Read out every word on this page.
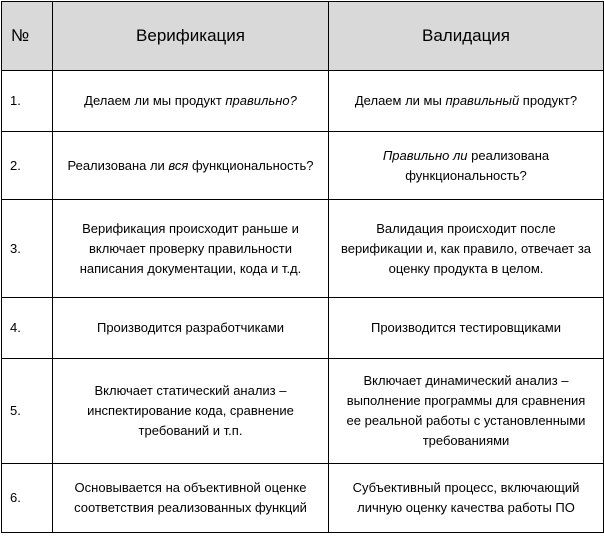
№	Верификация	Валидация
1.	Делаем ли мы продукт правильно?	Делаем ли мы правильный продукт?
2.	Реализована ли вся функциональность?	Правильно ли реализована функциональность?
3.	Верификация происходит раньше и включает проверку правильности написания документации, кода и т.д.	Валидация происходит после верификации и, как правило, отвечает за оценку продукта в целом.
4.	Производится разработчиками	Производится тестировщиками
5.	Включает статический анализ – инспектирование кода, сравнение требований и т.п.	Включает динамический анализ – выполнение программы для сравнения ее реальной работы с установленными требованиями
6.	Основывается на объективной оценке соответствия реализованных функций	Субъективный процесс, включающий личную оценку качества работы ПО
